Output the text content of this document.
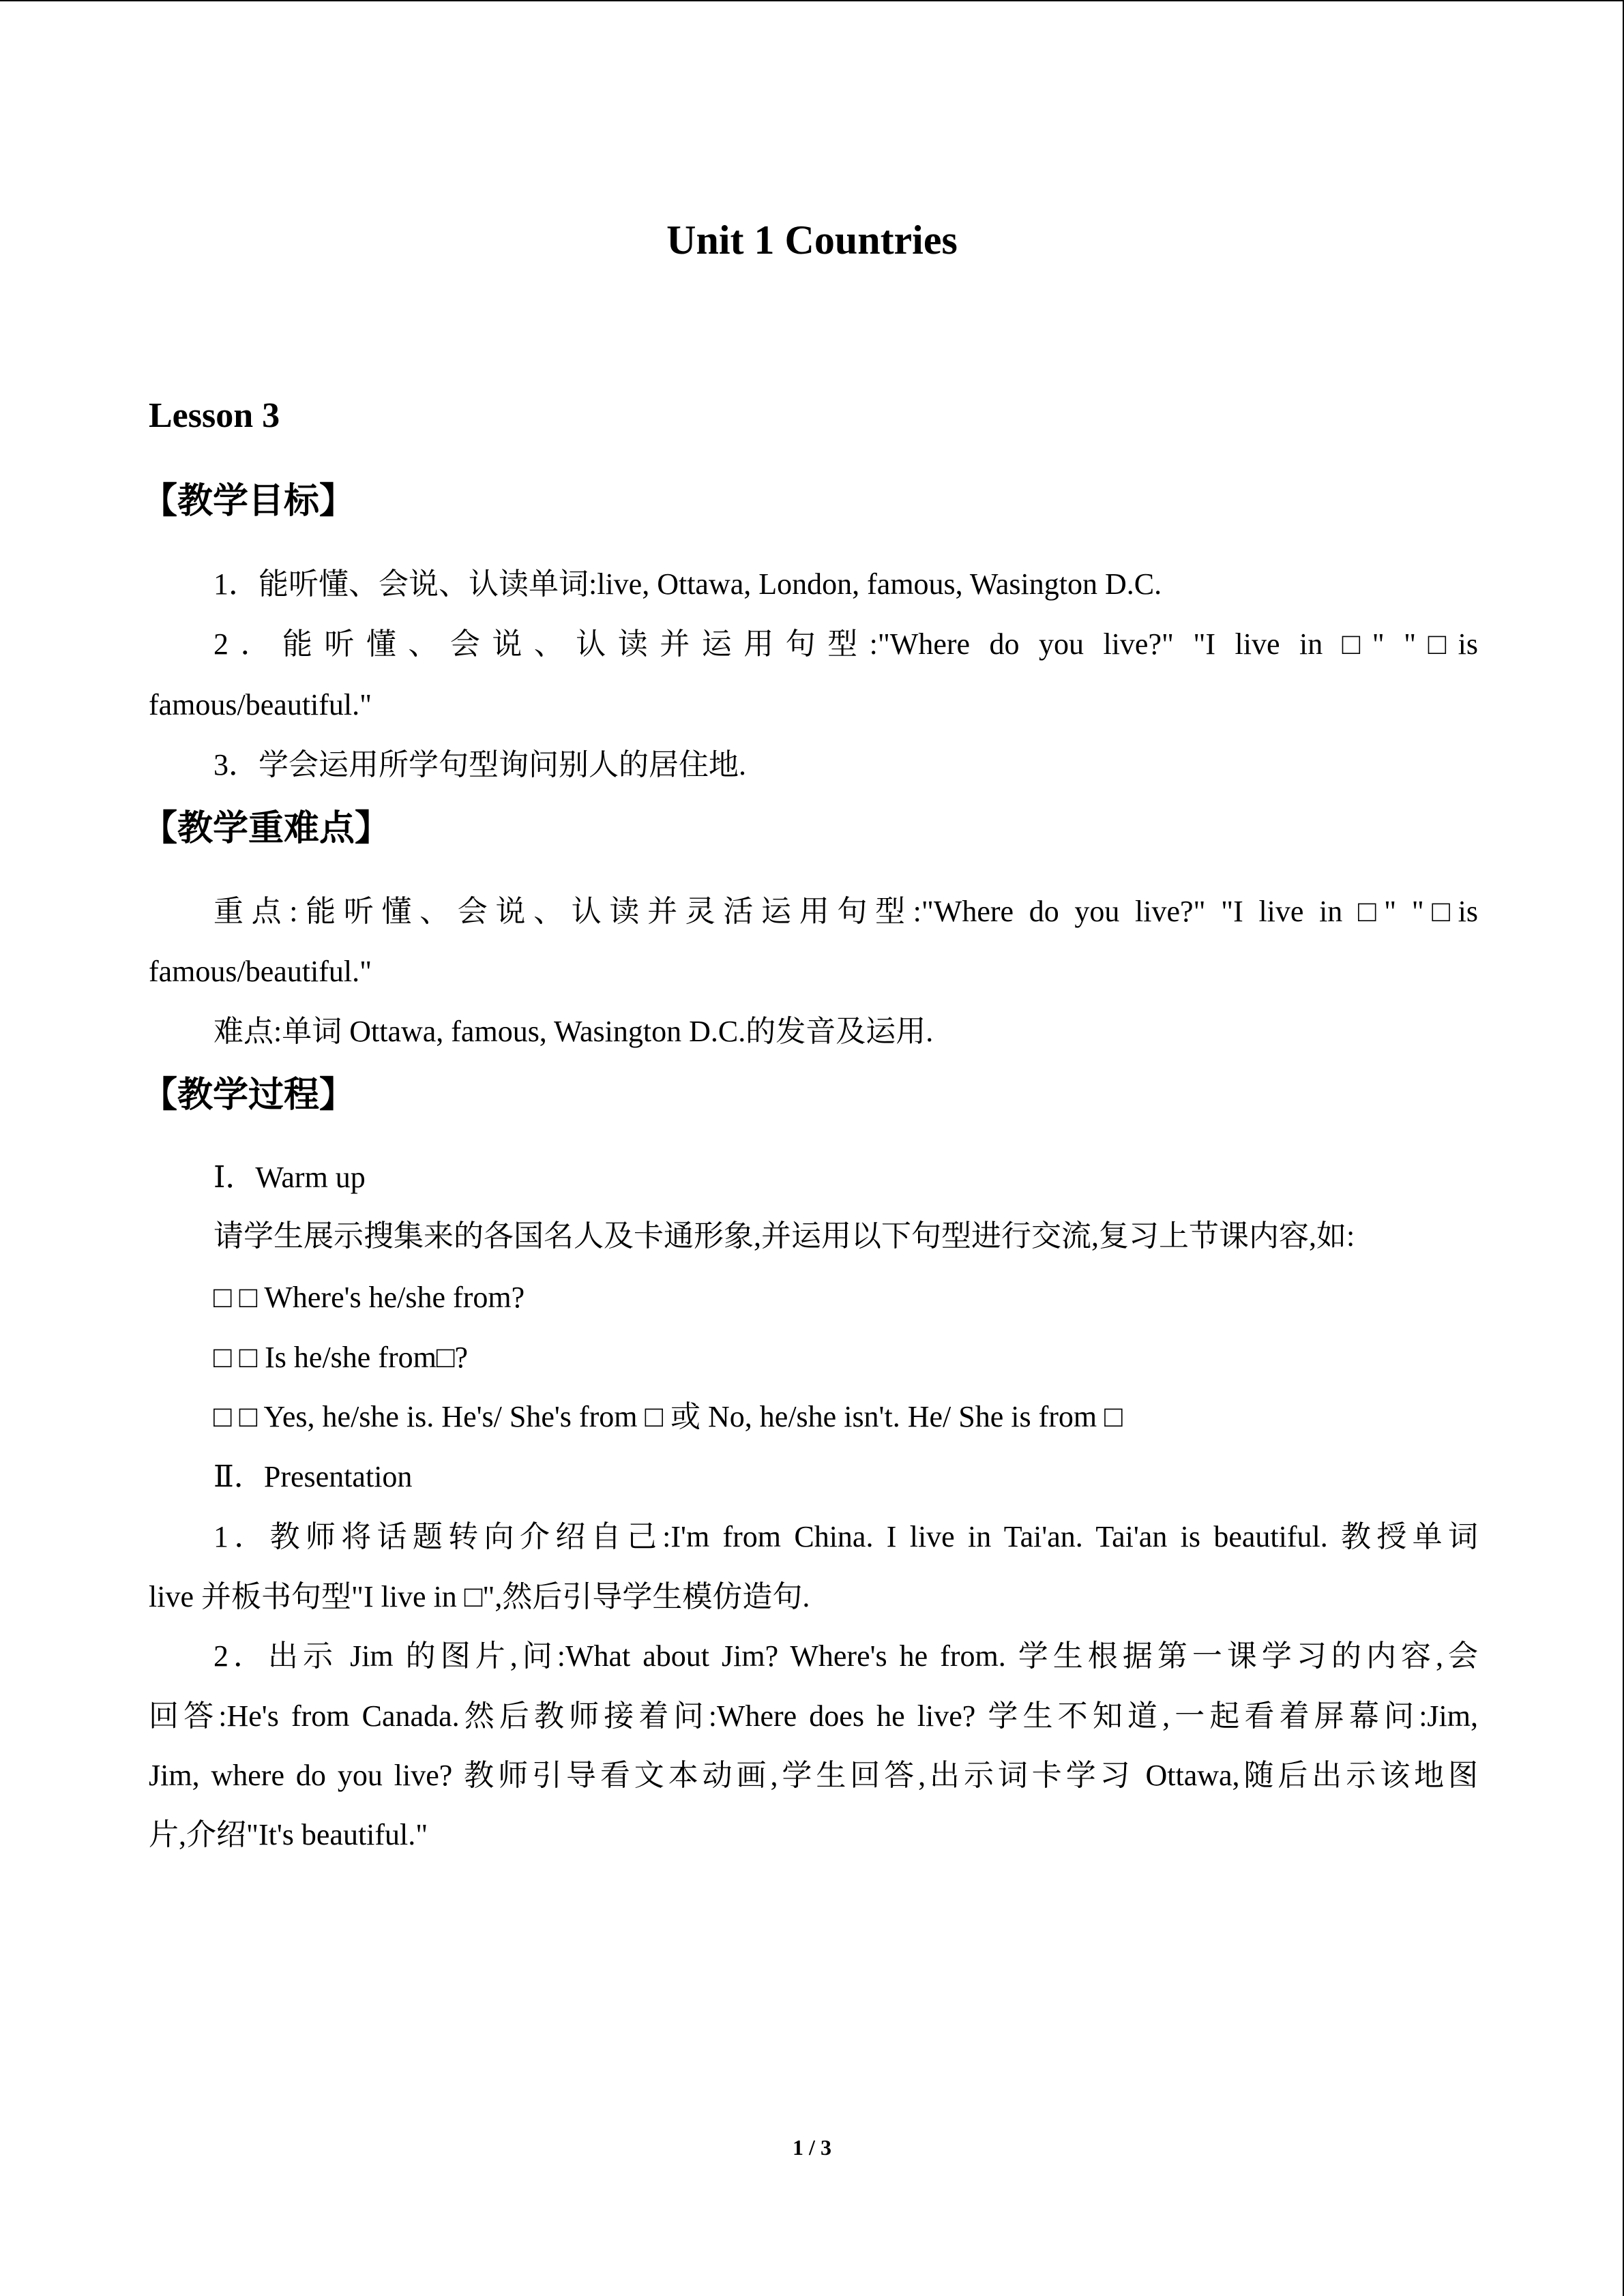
Unit 1 Countries
Lesson 3
【教学目标】
1．能听懂、会说、认读单词:live, Ottawa, London, famous, Wasington D.C.
2．能听懂、会说、认读并运用句型:"Where do you live?" "I live in □" "□is
famous/beautiful."
3．学会运用所学句型询问别人的居住地.
【教学重难点】
重点:能听懂、会说、认读并灵活运用句型:"Where do you live?" "I live in □" "□is
famous/beautiful."
难点:单词 Ottawa, famous, Wasington D.C.的发音及运用.
【教学过程】
Ⅰ．Warm up
请学生展示搜集来的各国名人及卡通形象,并运用以下句型进行交流,复习上节课内容,如:
□ □ Where's he/she from?
□ □ Is he/she from□?
□ □ Yes, he/she is. He's/ She's from □ 或 No, he/she isn't. He/ She is from □
Ⅱ．Presentation
1．教师将话题转向介绍自己:I'm from China. I live in Tai'an. Tai'an is beautiful. 教授单词
live 并板书句型"I live in □",然后引导学生模仿造句.
2．出示 Jim 的图片,问:What about Jim? Where's he from. 学生根据第一课学习的内容,会
回答:He's from Canada.然后教师接着问:Where does he live? 学生不知道,一起看着屏幕问:Jim,
Jim, where do you live? 教师引导看文本动画,学生回答,出示词卡学习 Ottawa,随后出示该地图
片,介绍"It's beautiful."
1 / 3
